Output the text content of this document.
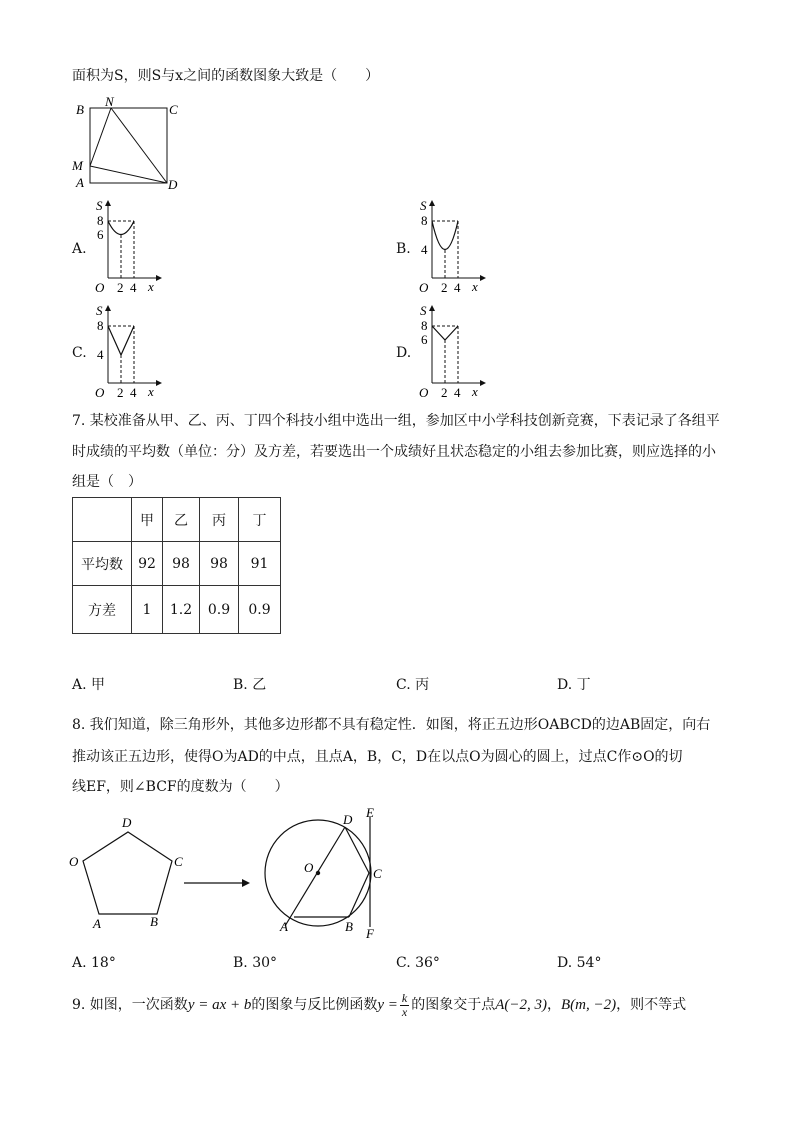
面积为S，则S与x之间的函数图象大致是（　　）
B
N
C
M
A	D
A.
S
8
6
O 2 4 x
B.
S
8
4
O 2 4 x
C.
S
8
4
O 2 4 x
D.
S
8
6
O 2 4 x
7. 某校准备从甲、乙、丙、丁四个科技小组中选出一组，参加区中小学科技创新竞赛，下表记录了各组平
时成绩的平均数（单位：分）及方差，若要选出一个成绩好且状态稳定的小组去参加比赛，则应选择的小
组是（　）
	甲	乙	丙	丁
平均数	92	98	98	91
方差	1	1.2	0.9	0.9
A. 甲	B. 乙	C. 丙	D. 丁
8. 我们知道，除三角形外，其他多边形都不具有稳定性．如图，将正五边形OABCD的边AB固定，向右
推动该正五边形，使得O为AD的中点，且点A，B，C，D在以点O为圆心的圆上，过点C作⊙O的切
线EF，则∠BCF的度数为（　　）
D
O	C
A	B
D E
O	C
A	B F
A. 18°	B. 30°	C. 36°	D. 54°
9. 如图，一次函数 y = ax + b 的图象与反比例函数 $y = \frac{k}{x}$ 的图象交于点 A(−2, 3) ， B(m, −2) ，则不等式
